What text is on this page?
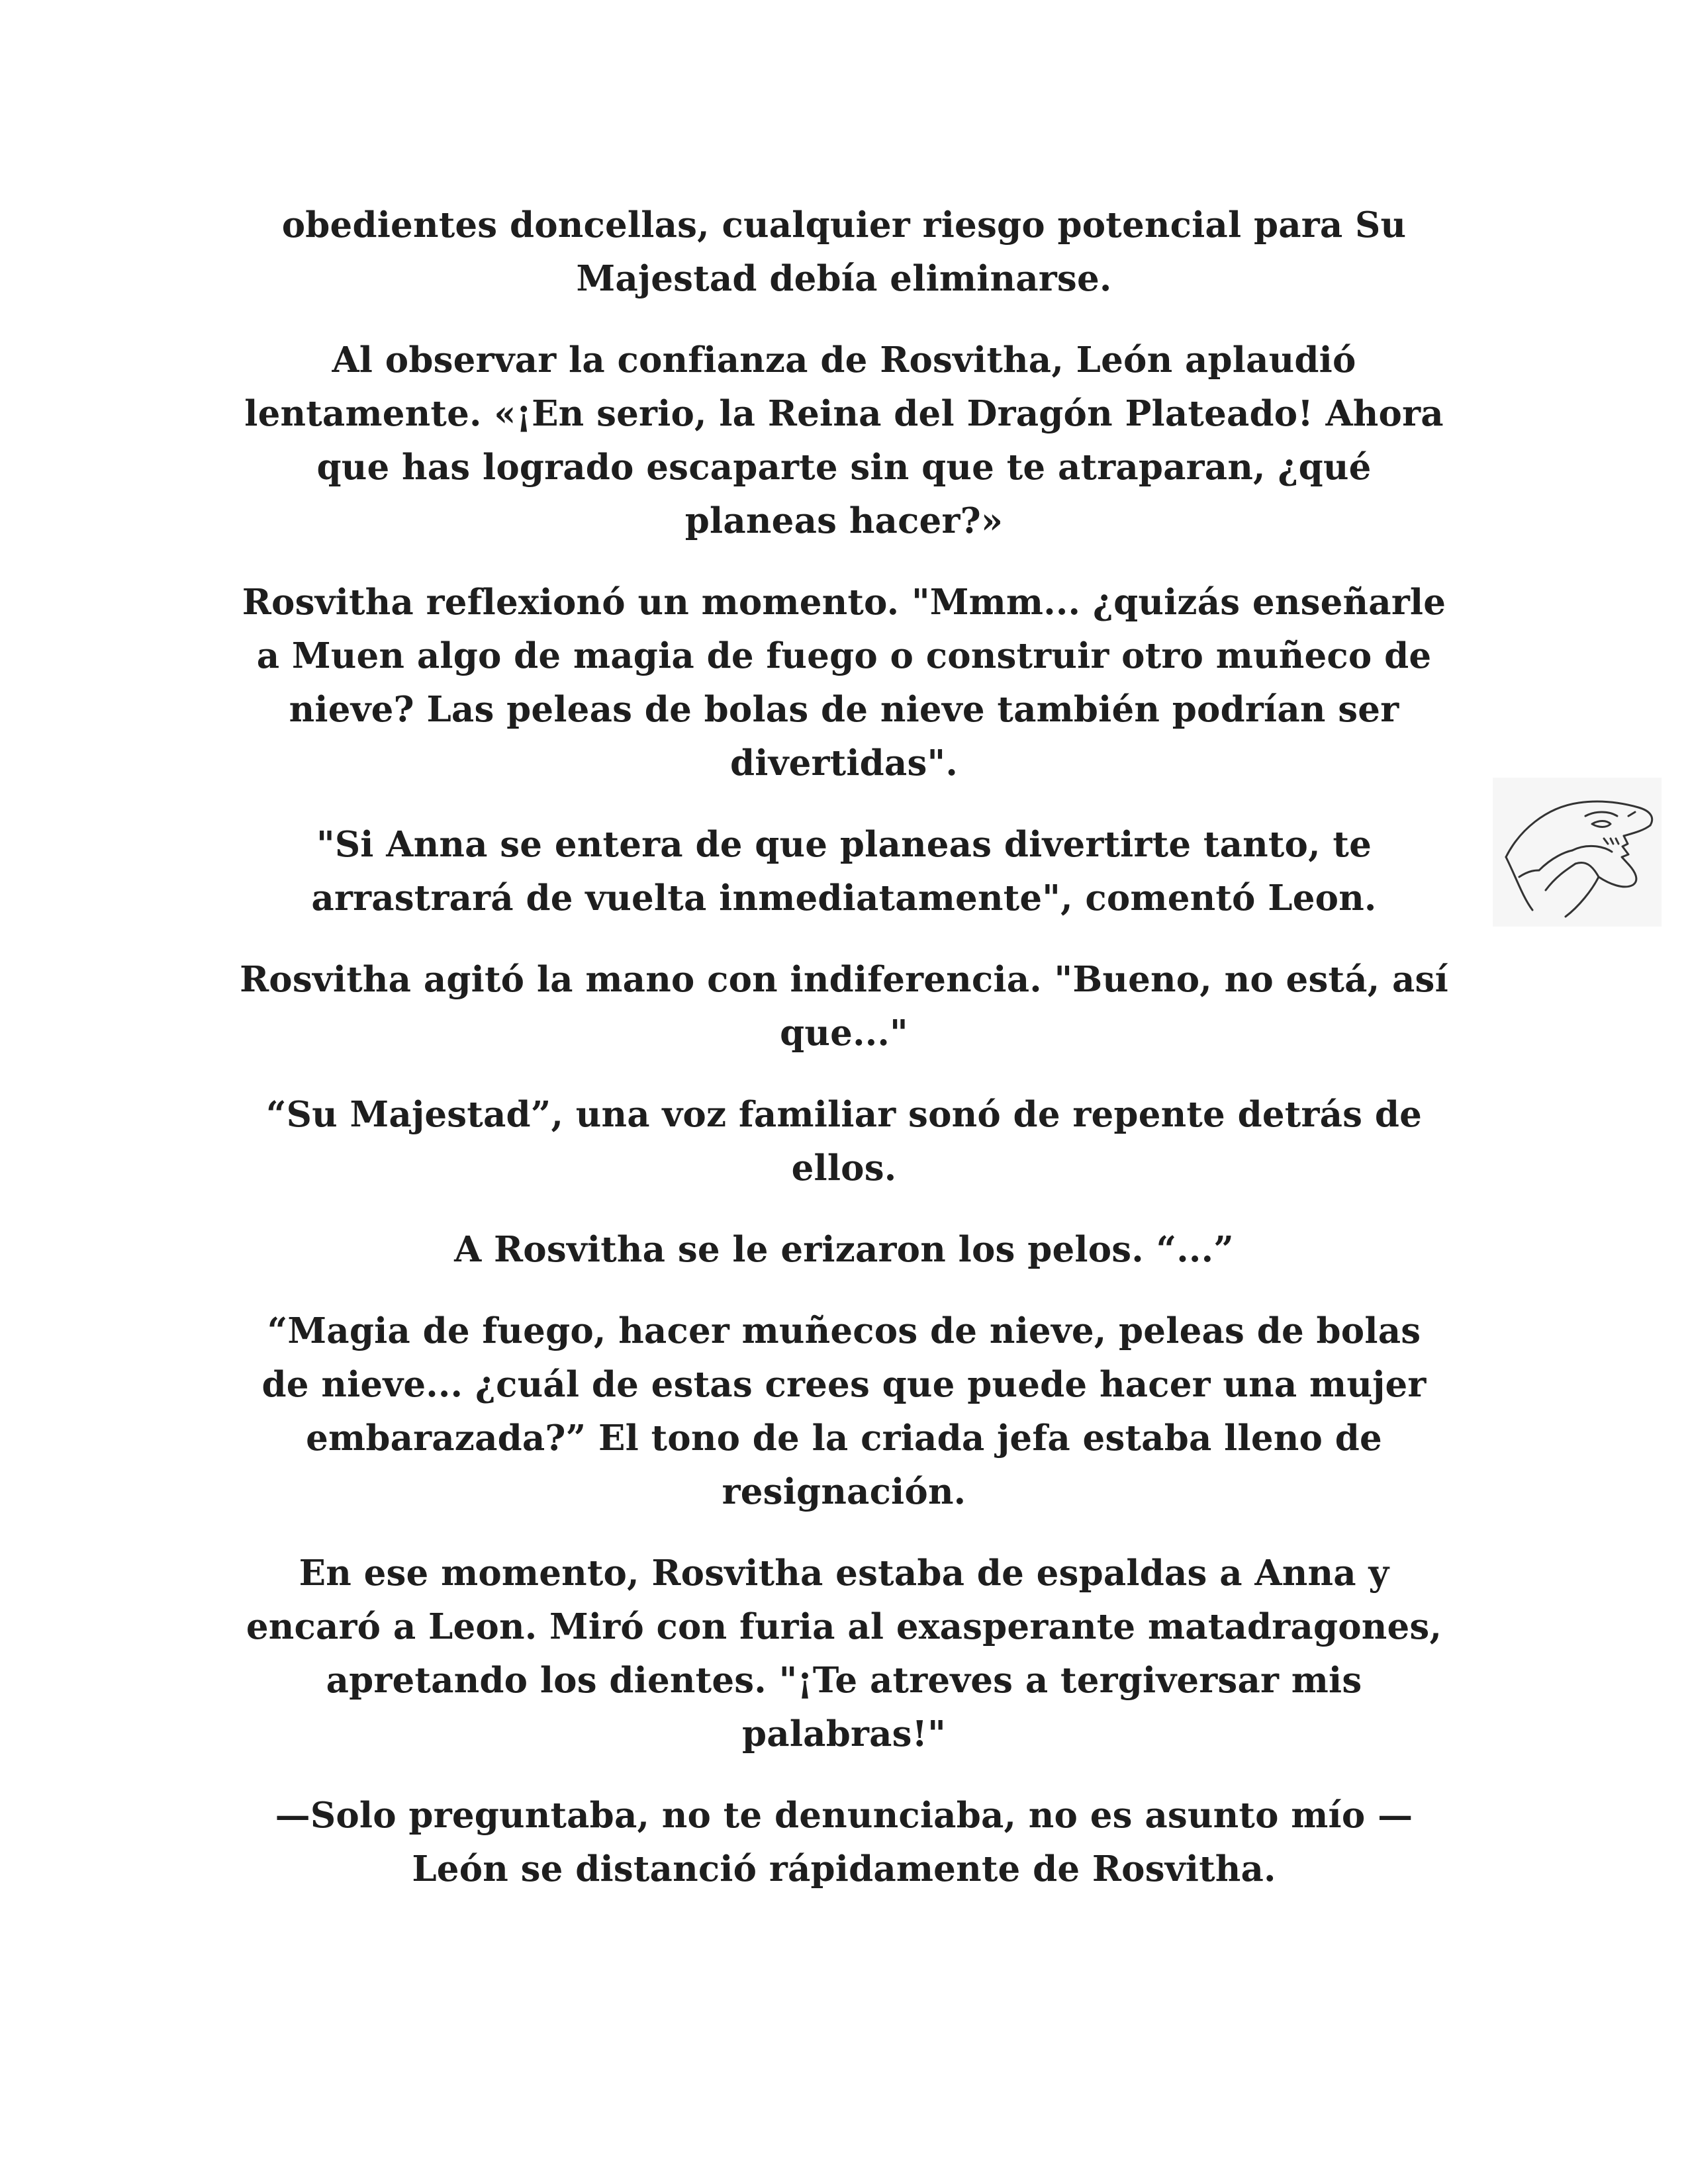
obedientes doncellas, cualquier riesgo potencial para Su Majestad debía eliminarse.

Al observar la confianza de Rosvitha, León aplaudió lentamente. «¡En serio, la Reina del Dragón Plateado! Ahora que has logrado escaparte sin que te atraparan, ¿qué planeas hacer?»

Rosvitha reflexionó un momento. "Mmm... ¿quizás enseñarle a Muen algo de magia de fuego o construir otro muñeco de nieve? Las peleas de bolas de nieve también podrían ser divertidas".

"Si Anna se entera de que planeas divertirte tanto, te arrastrará de vuelta inmediatamente", comentó Leon.

Rosvitha agitó la mano con indiferencia. "Bueno, no está, así que..."

“Su Majestad”, una voz familiar sonó de repente detrás de ellos.

A Rosvitha se le erizaron los pelos. “...”

“Magia de fuego, hacer muñecos de nieve, peleas de bolas de nieve... ¿cuál de estas crees que puede hacer una mujer embarazada?” El tono de la criada jefa estaba lleno de resignación.

En ese momento, Rosvitha estaba de espaldas a Anna y encaró a Leon. Miró con furia al exasperante matadragones, apretando los dientes. "¡Te atreves a tergiversar mis palabras!"

—Solo preguntaba, no te denunciaba, no es asunto mío —León se distanció rápidamente de Rosvitha.
